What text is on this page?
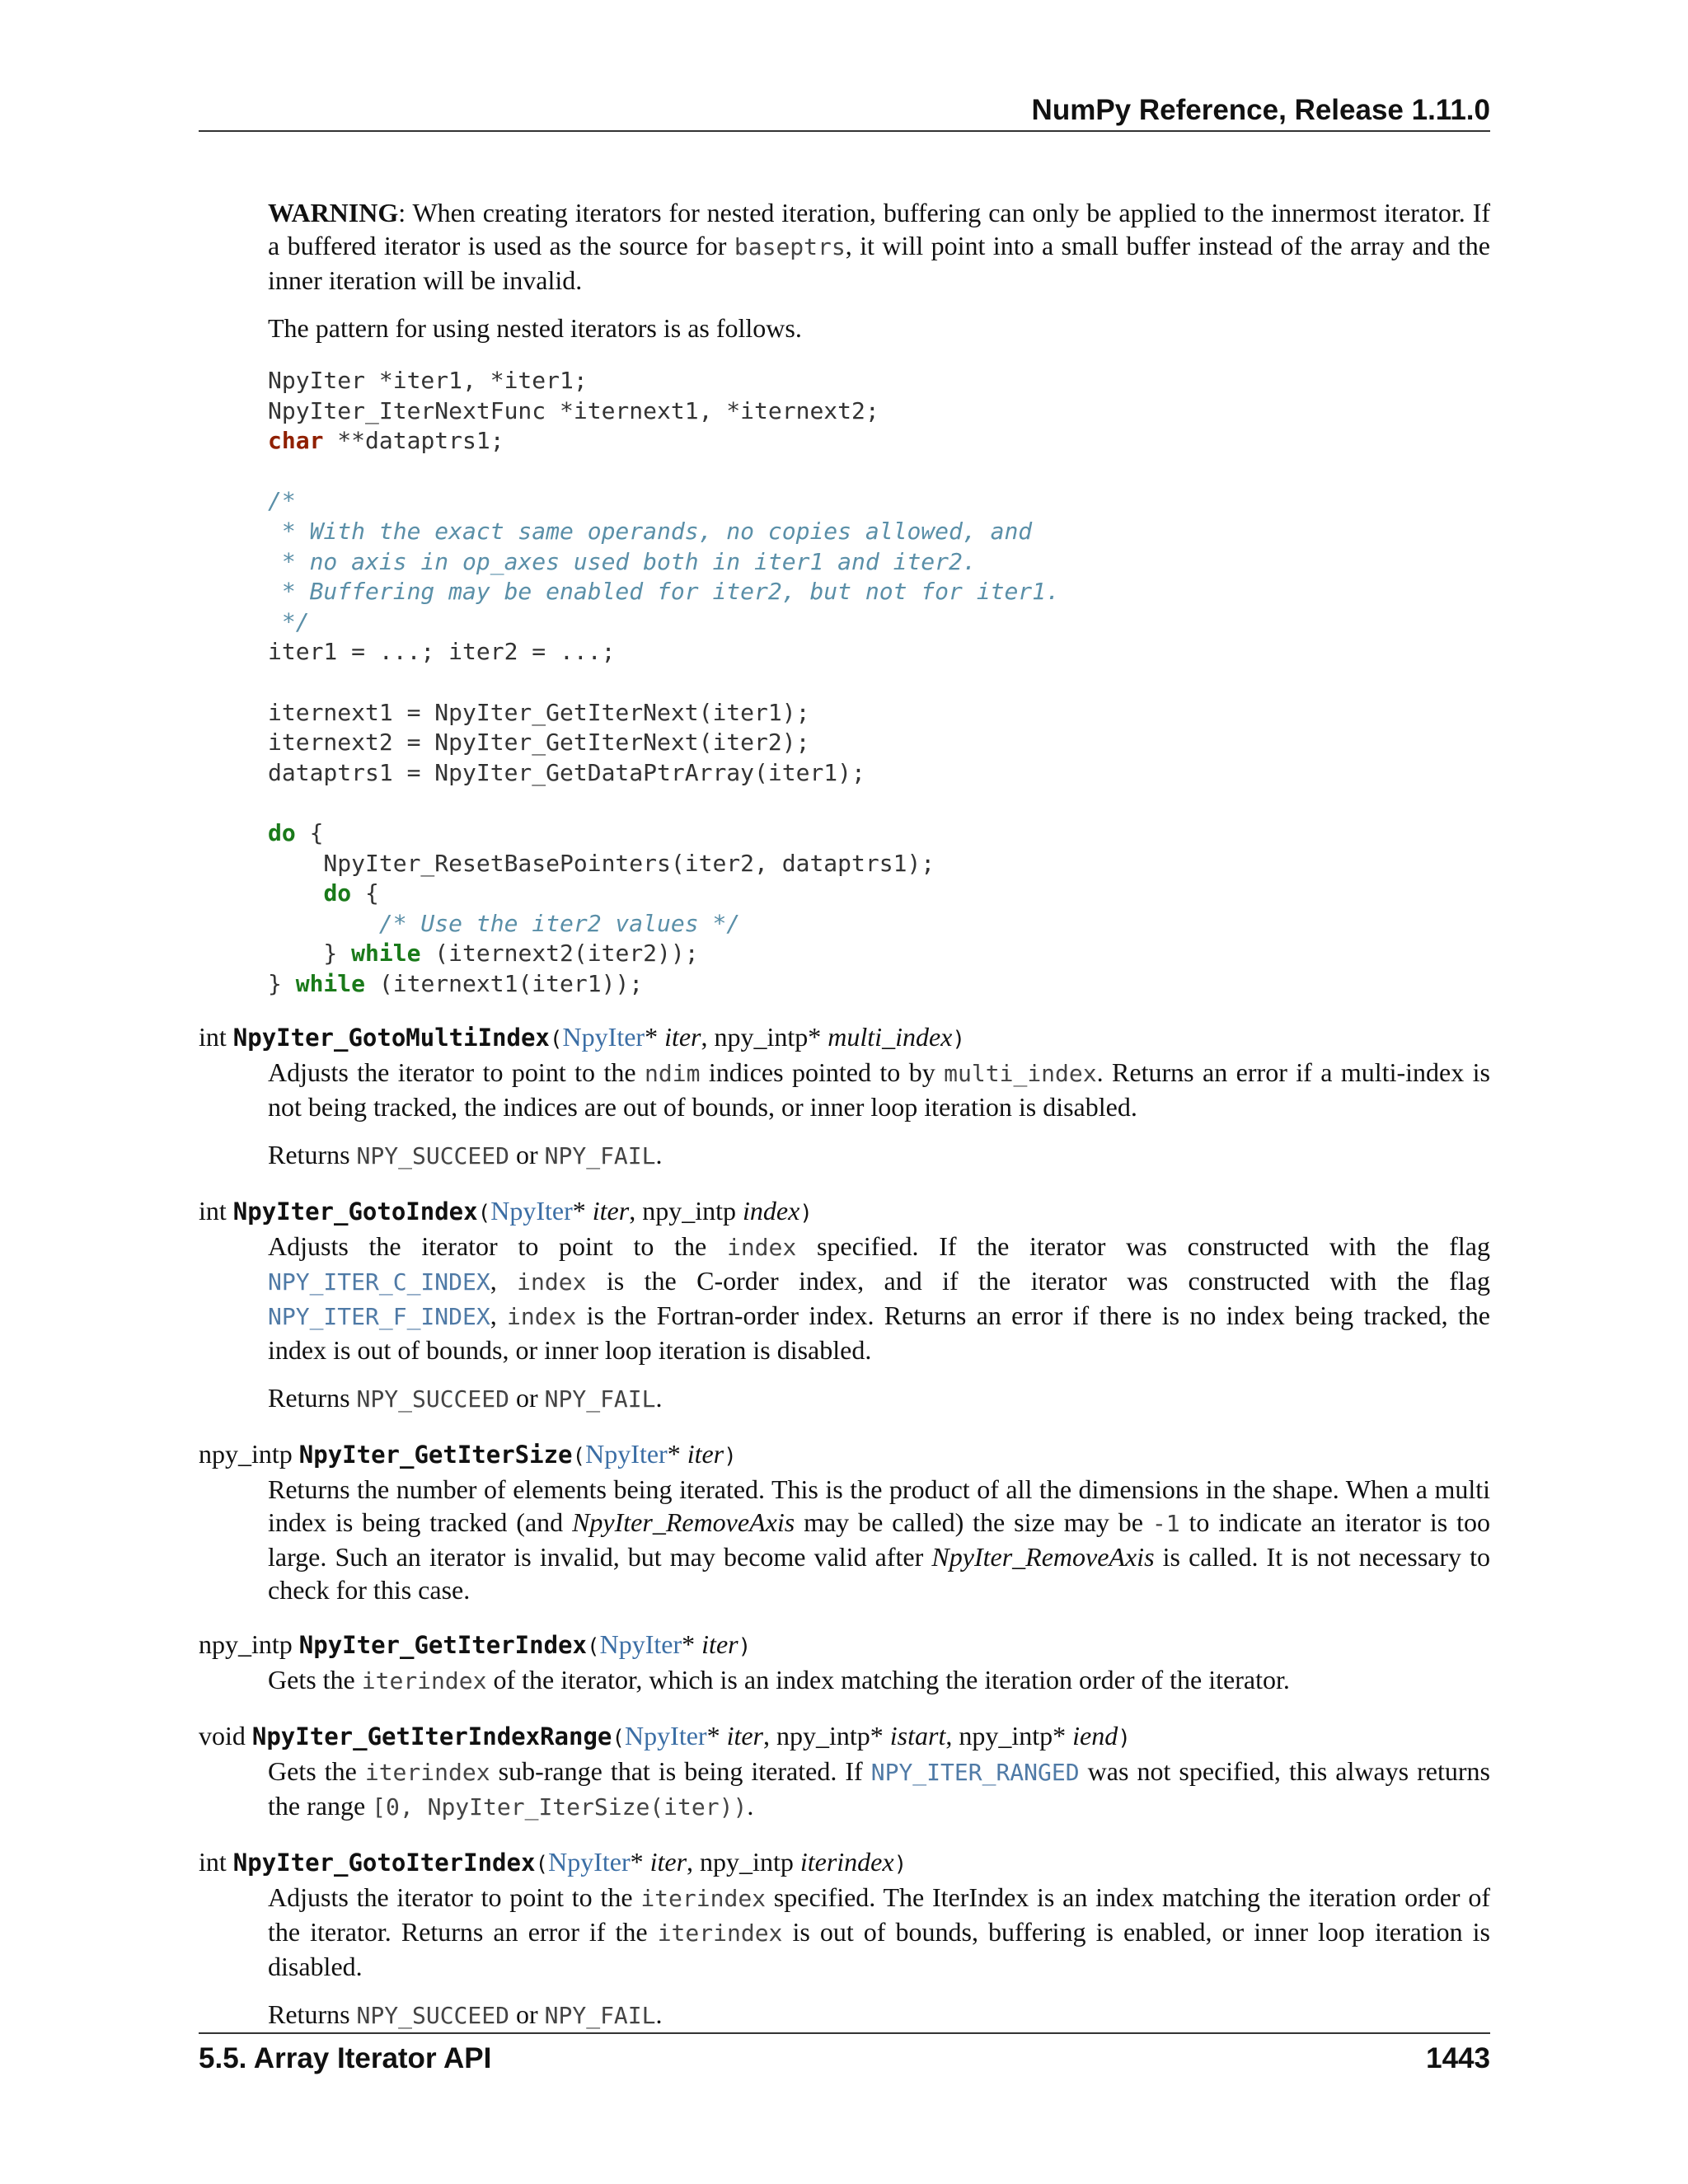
NumPy Reference, Release 1.11.0

WARNING: When creating iterators for nested iteration, buffering can only be applied to the innermost iterator. If a buffered iterator is used as the source for baseptrs, it will point into a small buffer instead of the array and the inner iteration will be invalid.

The pattern for using nested iterators is as follows.

NpyIter *iter1, *iter1;
NpyIter_IterNextFunc *iternext1, *iternext2;
char **dataptrs1;

/*
* With the exact same operands, no copies allowed, and
* no axis in op_axes used both in iter1 and iter2.
* Buffering may be enabled for iter2, but not for iter1.
*/
iter1 = ...; iter2 = ...;

iternext1 = NpyIter_GetIterNext(iter1);
iternext2 = NpyIter_GetIterNext(iter2);
dataptrs1 = NpyIter_GetDataPtrArray(iter1);

do {
NpyIter_ResetBasePointers(iter2, dataptrs1);
do {
/* Use the iter2 values */
} while (iternext2(iter2));
} while (iternext1(iter1));
int NpyIter_GotoMultiIndex(NpyIter* iter, npy_intp* multi_index)

Adjusts the iterator to point to the ndim indices pointed to by multi_index. Returns an error if a multi-index is not being tracked, the indices are out of bounds, or inner loop iteration is disabled.

Returns NPY_SUCCEED or NPY_FAIL.

int NpyIter_GotoIndex(NpyIter* iter, npy_intp index)

Adjusts the iterator to point to the index specified. If the iterator was constructed with the flag NPY_ITER_C_INDEX, index is the C-order index, and if the iterator was constructed with the flag NPY_ITER_F_INDEX, index is the Fortran-order index. Returns an error if there is no index being tracked, the index is out of bounds, or inner loop iteration is disabled.

Returns NPY_SUCCEED or NPY_FAIL.

npy_intp NpyIter_GetIterSize(NpyIter* iter)

Returns the number of elements being iterated. This is the product of all the dimensions in the shape. When a multi index is being tracked (and NpyIter_RemoveAxis may be called) the size may be -1 to indicate an iterator is too large. Such an iterator is invalid, but may become valid after NpyIter_RemoveAxis is called. It is not necessary to check for this case.

npy_intp NpyIter_GetIterIndex(NpyIter* iter)

Gets the iterindex of the iterator, which is an index matching the iteration order of the iterator.

void NpyIter_GetIterIndexRange(NpyIter* iter, npy_intp* istart, npy_intp* iend)

Gets the iterindex sub-range that is being iterated. If NPY_ITER_RANGED was not specified, this always returns the range [0, NpyIter_IterSize(iter)).

int NpyIter_GotoIterIndex(NpyIter* iter, npy_intp iterindex)

Adjusts the iterator to point to the iterindex specified. The IterIndex is an index matching the iteration order of the iterator. Returns an error if the iterindex is out of bounds, buffering is enabled, or inner loop iteration is disabled.

Returns NPY_SUCCEED or NPY_FAIL.

5.5. Array Iterator API	1443
